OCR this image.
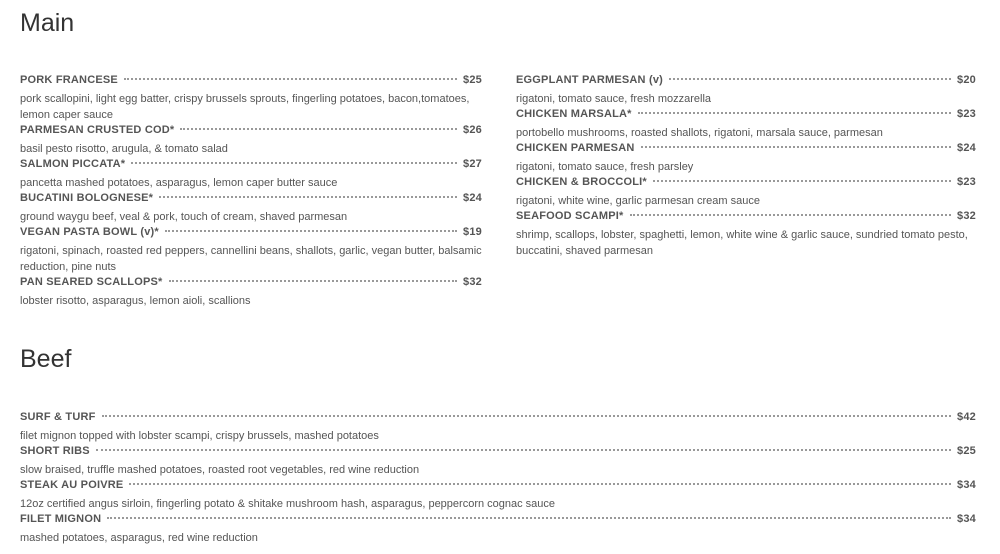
Main
PORK FRANCESE	$25
pork scallopini, light egg batter, crispy brussels sprouts, fingerling potatoes, bacon,tomatoes, lemon caper sauce
PARMESAN CRUSTED COD*	$26
basil pesto risotto, arugula, & tomato salad
SALMON PICCATA*	$27
pancetta mashed potatoes, asparagus, lemon caper butter sauce
BUCATINI BOLOGNESE*	$24
ground waygu beef, veal & pork, touch of cream, shaved parmesan
VEGAN PASTA BOWL (v)*	$19
rigatoni, spinach, roasted red peppers, cannellini beans, shallots, garlic, vegan butter, balsamic reduction, pine nuts
PAN SEARED SCALLOPS*	$32
lobster risotto, asparagus, lemon aioli, scallions
EGGPLANT PARMESAN (v)	$20
rigatoni, tomato sauce, fresh mozzarella
CHICKEN MARSALA*	$23
portobello mushrooms, roasted shallots, rigatoni, marsala sauce, parmesan
CHICKEN PARMESAN	$24
rigatoni, tomato sauce, fresh parsley
CHICKEN & BROCCOLI*	$23
rigatoni, white wine, garlic parmesan cream sauce
SEAFOOD SCAMPI*	$32
shrimp, scallops, lobster, spaghetti, lemon, white wine & garlic sauce, sundried tomato pesto, buccatini, shaved parmesan
Beef
SURF & TURF	$42
filet mignon topped with lobster scampi, crispy brussels, mashed potatoes
SHORT RIBS	$25
slow braised, truffle mashed potatoes, roasted root vegetables, red wine reduction
STEAK AU POIVRE	$34
12oz certified angus sirloin, fingerling potato & shitake mushroom hash, asparagus, peppercorn cognac sauce
FILET MIGNON	$34
mashed potatoes, asparagus, red wine reduction
